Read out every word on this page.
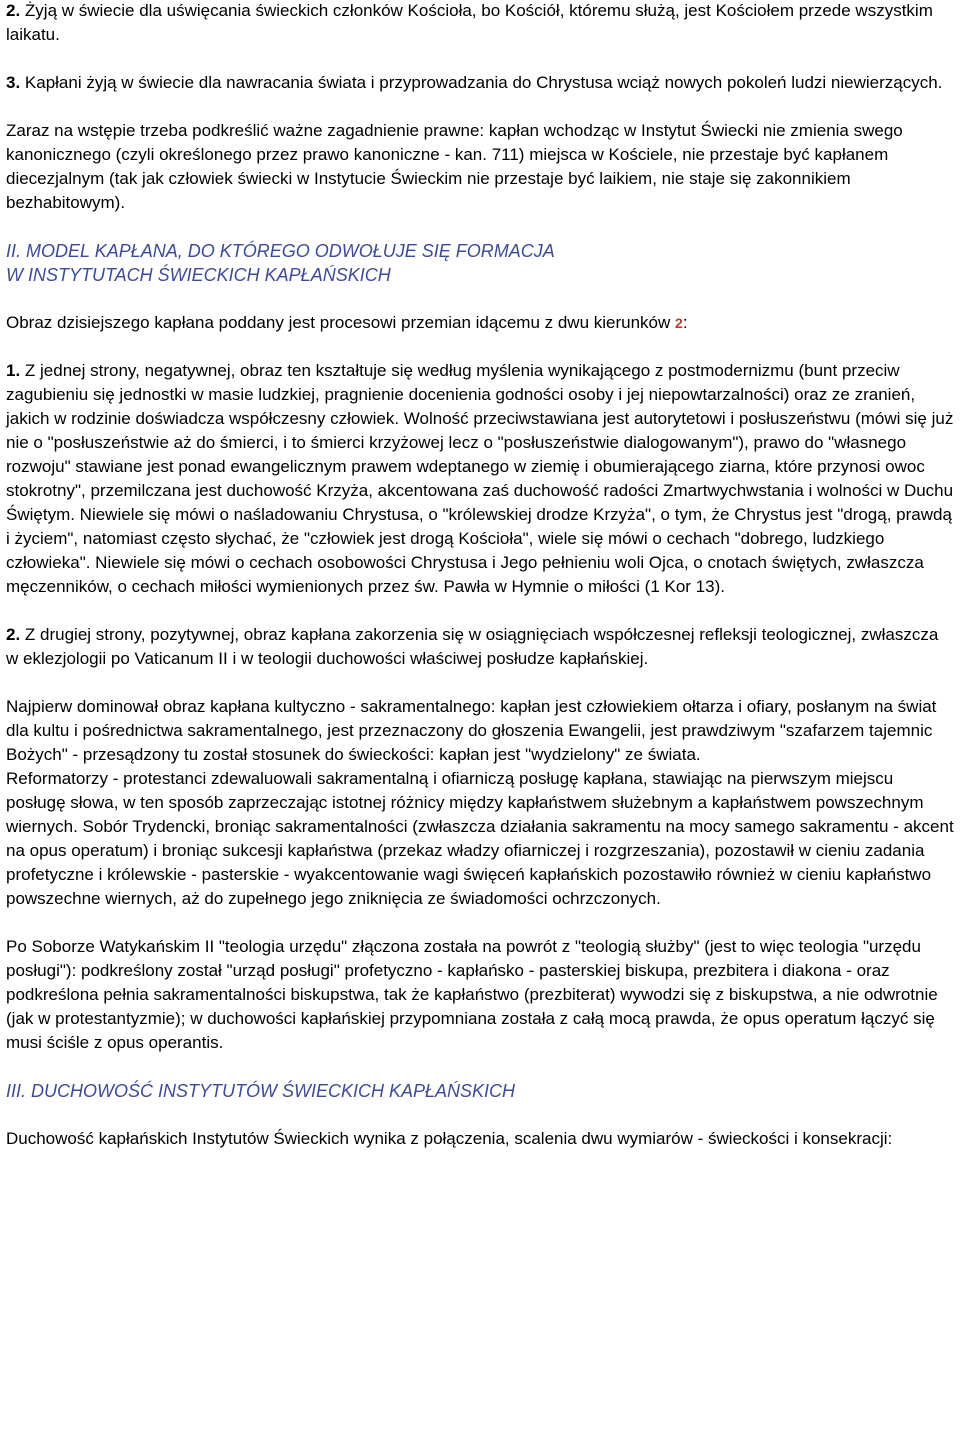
2. Żyją w świecie dla uświęcania świeckich członków Kościoła, bo Kościół, któremu służą, jest Kościołem przede wszystkim laikatu.

3. Kapłani żyją w świecie dla nawracania świata i przyprowadzania do Chrystusa wciąż nowych pokoleń ludzi niewierzących.

Zaraz na wstępie trzeba podkreślić ważne zagadnienie prawne: kapłan wchodząc w Instytut Świecki nie zmienia swego kanonicznego (czyli określonego przez prawo kanoniczne - kan. 711) miejsca w Kościele, nie przestaje być kapłanem diecezjalnym (tak jak człowiek świecki w Instytucie Świeckim nie przestaje być laikiem, nie staje się zakonnikiem bezhabitowym).

II. MODEL KAPŁANA, DO KTÓREGO ODWOŁUJE SIĘ FORMACJA
W INSTYTUTACH ŚWIECKICH KAPŁAŃSKICH

Obraz dzisiejszego kapłana poddany jest procesowi przemian idącemu z dwu kierunków 2:

1. Z jednej strony, negatywnej, obraz ten kształtuje się według myślenia wynikającego z postmodernizmu (bunt przeciw zagubieniu się jednostki w masie ludzkiej, pragnienie docenienia godności osoby i jej niepowtarzalności) oraz ze zranień, jakich w rodzinie doświadcza współczesny człowiek. Wolność przeciwstawiana jest autorytetowi i posłuszeństwu (mówi się już nie o "posłuszeństwie aż do śmierci, i to śmierci krzyżowej lecz o "posłuszeństwie dialogowanym"), prawo do "własnego rozwoju" stawiane jest ponad ewangelicznym prawem wdeptanego w ziemię i obumierającego ziarna, które przynosi owoc stokrotny", przemilczana jest duchowość Krzyża, akcentowana zaś duchowość radości Zmartwychwstania i wolności w Duchu Świętym. Niewiele się mówi o naśladowaniu Chrystusa, o "królewskiej drodze Krzyża", o tym, że Chrystus jest "drogą, prawdą i życiem", natomiast często słychać, że "człowiek jest drogą Kościoła", wiele się mówi o cechach "dobrego, ludzkiego człowieka". Niewiele się mówi o cechach osobowości Chrystusa i Jego pełnieniu woli Ojca, o cnotach świętych, zwłaszcza męczenników, o cechach miłości wymienionych przez św. Pawła w Hymnie o miłości (1 Kor 13).

2. Z drugiej strony, pozytywnej, obraz kapłana zakorzenia się w osiągnięciach współczesnej refleksji teologicznej, zwłaszcza w eklezjologii po Vaticanum II i w teologii duchowości właściwej posłudze kapłańskiej.

Najpierw dominował obraz kapłana kultyczno - sakramentalnego: kapłan jest człowiekiem ołtarza i ofiary, posłanym na świat dla kultu i pośrednictwa sakramentalnego, jest przeznaczony do głoszenia Ewangelii, jest prawdziwym "szafarzem tajemnic Bożych" - przesądzony tu został stosunek do świeckości: kapłan jest "wydzielony" ze świata.

Reformatorzy - protestanci zdewaluowali sakramentalną i ofiarniczą posługę kapłana, stawiając na pierwszym miejscu posługę słowa, w ten sposób zaprzeczając istotnej różnicy między kapłaństwem służebnym a kapłaństwem powszechnym wiernych. Sobór Trydencki, broniąc sakramentalności (zwłaszcza działania sakramentu na mocy samego sakramentu - akcent na opus operatum) i broniąc sukcesji kapłaństwa (przekaz władzy ofiarniczej i rozgrzeszania), pozostawił w cieniu zadania profetyczne i królewskie - pasterskie - wyakcentowanie wagi święceń kapłańskich pozostawiło również w cieniu kapłaństwo powszechne wiernych, aż do zupełnego jego zniknięcia ze świadomości ochrzczonych.

Po Soborze Watykańskim II "teologia urzędu" złączona została na powrót z "teologią służby" (jest to więc teologia "urzędu posługi"): podkreślony został "urząd posługi" profetyczno - kapłańsko - pasterskiej biskupa, prezbitera i diakona - oraz podkreślona pełnia sakramentalności biskupstwa, tak że kapłaństwo (prezbiterat) wywodzi się z biskupstwa, a nie odwrotnie (jak w protestantyzmie); w duchowości kapłańskiej przypomniana została z całą mocą prawda, że opus operatum łączyć się musi ściśle z opus operantis.

III. DUCHOWOŚĆ INSTYTUTÓW ŚWIECKICH KAPŁAŃSKICH

Duchowość kapłańskich Instytutów Świeckich wynika z połączenia, scalenia dwu wymiarów - świeckości i konsekracji:
